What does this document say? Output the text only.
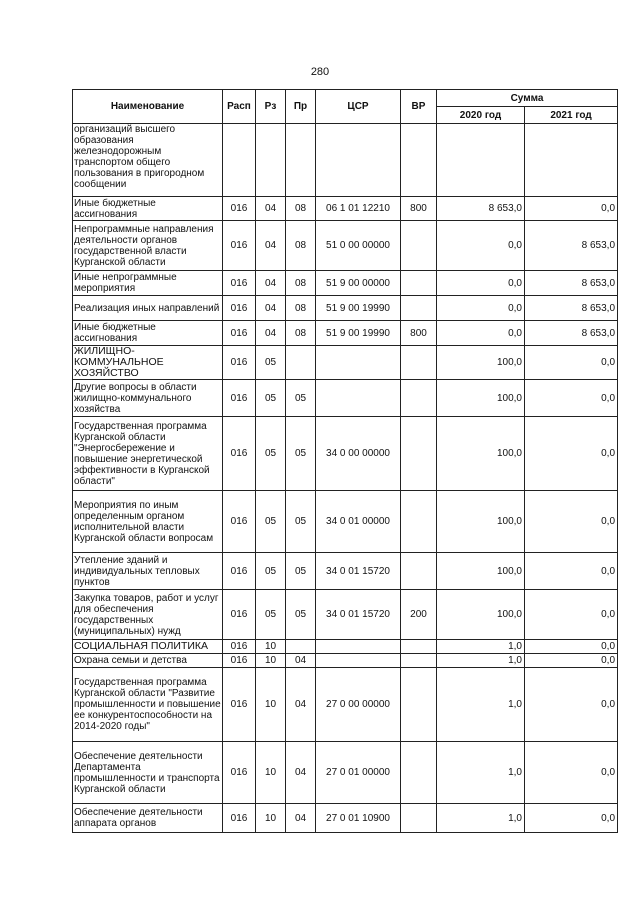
280
Наименование	Расп	Рз	Пр	ЦСР	ВР	Сумма	
						2020 год	2021 год
организаций высшего образования железнодорожным транспортом общего пользования в пригородном сообщении							
Иные бюджетные ассигнования	016	04	08	06 1 01 12210	800	8 653,0	0,0
Непрограммные направления деятельности органов государственной власти Курганской области	016	04	08	51 0 00 00000		0,0	8 653,0
Иные непрограммные мероприятия	016	04	08	51 9 00 00000		0,0	8 653,0
Реализация иных направлений	016	04	08	51 9 00 19990		0,0	8 653,0
Иные бюджетные ассигнования	016	04	08	51 9 00 19990	800	0,0	8 653,0
ЖИЛИЩНО-КОММУНАЛЬНОЕ ХОЗЯЙСТВО	016	05				100,0	0,0
Другие вопросы в области жилищно-коммунального хозяйства	016	05	05			100,0	0,0
Государственная программа Курганской области "Энергосбережение и повышение энергетической эффективности в Курганской области"	016	05	05	34 0 00 00000		100,0	0,0
Мероприятия по иным определенным органом исполнительной власти Курганской области вопросам	016	05	05	34 0 01 00000		100,0	0,0
Утепление зданий и индивидуальных тепловых пунктов	016	05	05	34 0 01 15720		100,0	0,0
Закупка товаров, работ и услуг для обеспечения государственных (муниципальных) нужд	016	05	05	34 0 01 15720	200	100,0	0,0
СОЦИАЛЬНАЯ ПОЛИТИКА	016	10				1,0	0,0
Охрана семьи и детства	016	10	04			1,0	0,0
Государственная программа Курганской области "Развитие промышленности и повышение ее конкурентоспособности на 2014-2020 годы"	016	10	04	27 0 00 00000		1,0	0,0
Обеспечение деятельности Департамента промышленности и транспорта Курганской области	016	10	04	27 0 01 00000		1,0	0,0
Обеспечение деятельности аппарата органов	016	10	04	27 0 01 10900		1,0	0,0
